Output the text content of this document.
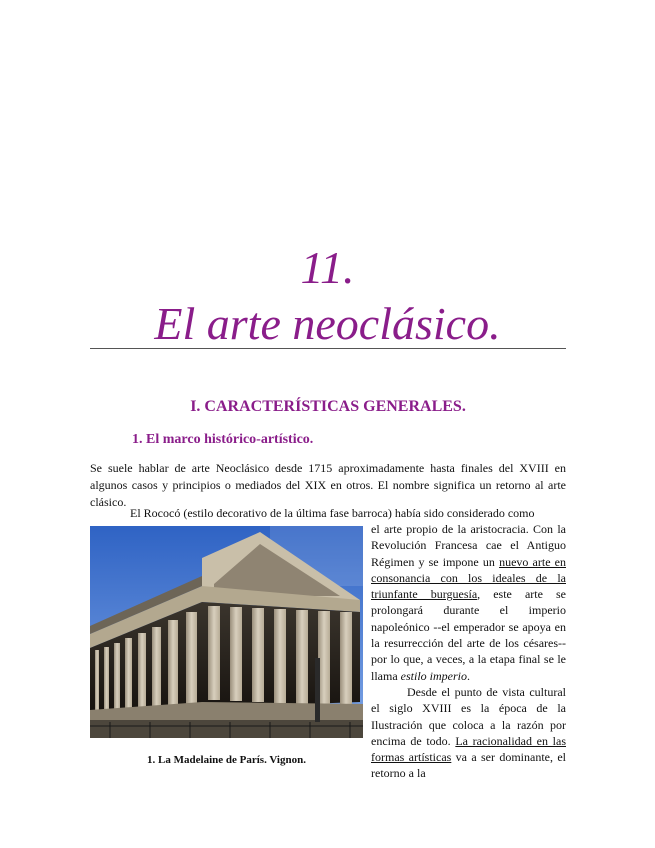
11.
El arte neoclásico.
I. CARACTERÍSTICAS GENERALES.
1. El marco histórico-artístico.

Se suele hablar de arte Neoclásico desde 1715 aproximadamente hasta finales del XVIII en algunos casos y principios o mediados del XIX en otros. El nombre significa un retorno al arte clásico.

El Rococó (estilo decorativo de la última fase barroca) había sido considerado como

1. La Madelaine de París. Vignon.

el arte propio de la aristocracia. Con la Revolución Francesa cae el Antiguo Régimen y se impone un nuevo arte en consonancia con los ideales de la triunfante burguesía, este arte se prolongará durante el imperio napoleónico --el emperador se apoya en la resurrección del arte de los césares-- por lo que, a veces, a la etapa final se le llama estilo imperio.
Desde el punto de vista cultural el siglo XVIII es la época de la Ilustración que coloca a la razón por encima de todo. La racionalidad en las formas artísticas va a ser dominante, el retorno a la
